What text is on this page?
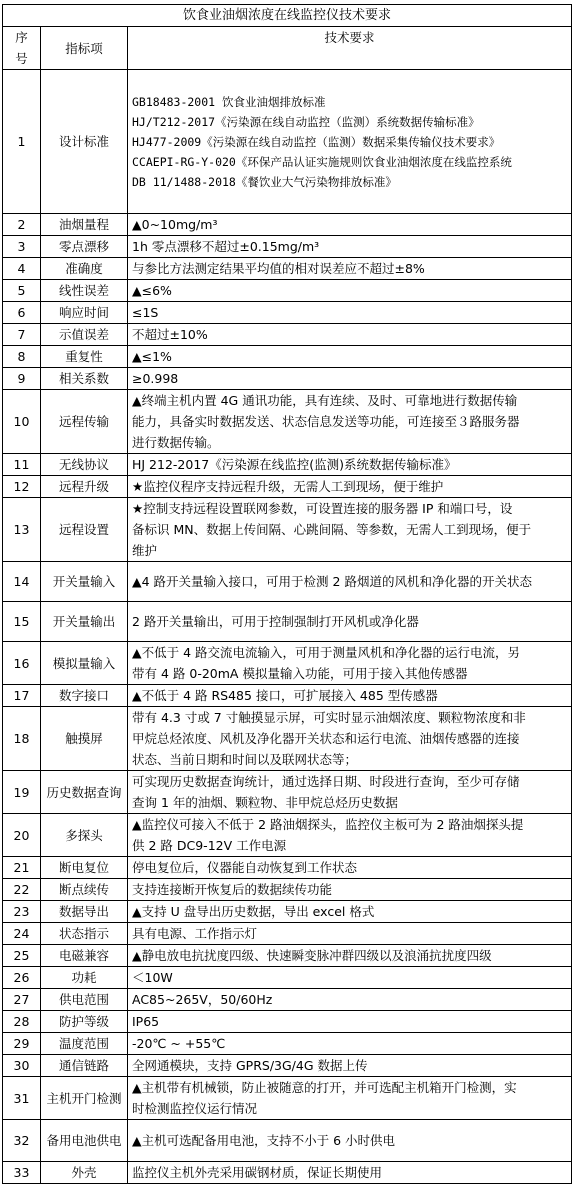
饮食业油烟浓度在线监控仪技术要求		
序号	指标项	技术要求
1	设计标准	GB18483-2001 饮食业油烟排放标准
HJ/T212-2017《污染源在线自动监控（监测）系统数据传输标准》
HJ477-2009《污染源在线自动监控（监测）数据采集传输仪技术要求》
CCAEPI-RG-Y-020《环保产品认证实施规则饮食业油烟浓度在线监控系统
DB 11/1488-2018《餐饮业大气污染物排放标准》

2	油烟量程	▲0~10mg/m³

3	零点漂移	1h 零点漂移不超过±0.15mg/m³

4	准确度	与参比方法测定结果平均值的相对误差应不超过±8%

5	线性误差	▲≤6%

6	响应时间	≤1S

7	示值误差	不超过±10%

8	重复性	▲≤1%

9	相关系数	≥0.998

10	远程传输	▲终端主机内置 4G 通讯功能，具有连续、及时、可靠地进行数据传输
能力，具备实时数据发送、状态信息发送等功能，可连接至３路服务器
进行数据传输。

11	无线协议	HJ 212-2017《污染源在线监控(监测)系统数据传输标准》

12	远程升级	★监控仪程序支持远程升级，无需人工到现场，便于维护

13	远程设置	★控制支持远程设置联网参数，可设置连接的服务器 IP 和端口号，设
备标识 MN、数据上传间隔、心跳间隔、等参数，无需人工到现场，便于
维护

14	开关量输入	▲4 路开关量输入接口，可用于检测 2 路烟道的风机和净化器的开关状态

15	开关量输出	2 路开关量输出，可用于控制强制打开风机或净化器

16	模拟量输入	▲不低于 4 路交流电流输入，可用于测量风机和净化器的运行电流，另
带有 4 路 0-20mA 模拟量输入功能，可用于接入其他传感器

17	数字接口	▲不低于 4 路 RS485 接口，可扩展接入 485 型传感器

18	触摸屏	带有 4.3 寸或 7 寸触摸显示屏，可实时显示油烟浓度、颗粒物浓度和非
甲烷总烃浓度、风机及净化器开关状态和运行电流、油烟传感器的连接
状态、当前日期和时间以及联网状态等；

19	历史数据查询	可实现历史数据查询统计，通过选择日期、时段进行查询，至少可存储
查询 1 年的油烟、颗粒物、非甲烷总烃历史数据

20	多探头	▲监控仪可接入不低于 2 路油烟探头，监控仪主板可为 2 路油烟探头提
供 2 路 DC9-12V 工作电源

21	断电复位	停电复位后，仪器能自动恢复到工作状态

22	断点续传	支持连接断开恢复后的数据续传功能

23	数据导出	▲支持 U 盘导出历史数据，导出 excel 格式

24	状态指示	具有电源、工作指示灯

25	电磁兼容	▲静电放电抗扰度四级、快速瞬变脉冲群四级以及浪涌抗扰度四级

26	功耗	＜10W

27	供电范围	AC85~265V，50/60Hz

28	防护等级	IP65

29	温度范围	-20℃ ~ +55℃

30	通信链路	全网通模块，支持 GPRS/3G/4G 数据上传

31	主机开门检测	▲主机带有机械锁，防止被随意的打开，并可选配主机箱开门检测，实
时检测监控仪运行情况

32	备用电池供电	▲主机可选配备用电池，支持不小于 6 小时供电

33	外壳	监控仪主机外壳采用碳钢材质，保证长期使用
